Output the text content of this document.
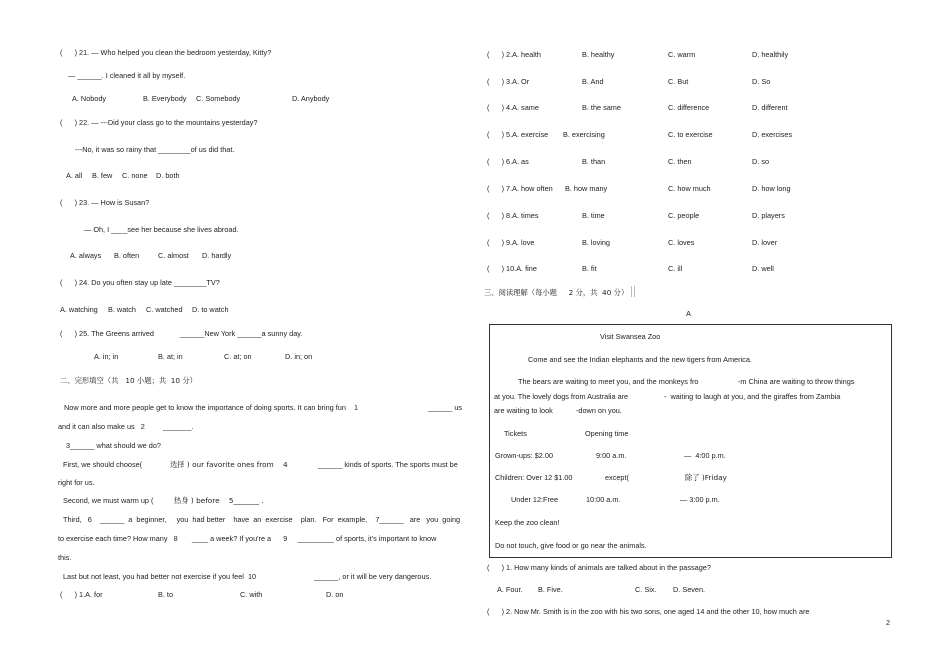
(      ) 21. — Who helped you clean the bedroom yesterday, Kitty?
— ______. I cleaned it all by myself.
A. Nobody	B. Everybody C. Somebody	D. Anybody
(      ) 22. — ---Did your class go to the mountains yesterday?
---No, it was so rainy that ________of us did that.
A. all B. few C. none D. both
(      ) 23. — How is Susan?
— Oh, I ____see her because she lives abroad.
A. always B. often	C. almost D. hardly
(      ) 24. Do you often stay up late ________TV?
A. watching B. watch C. watched D. to watch
(      ) 25. The Greens arrived	______New York ______a sunny day.
A. in; in	B. at; in	C. at; on	D. in; on
二、完形填空（共   10 小题；共  10 分）
Now more and more people get to know the importance of doing sports. It can bring fun    1	______ us
and it can also make us   2         _______.
3______ what should we do?
First, we should choose(	选择 ) our favorite ones from    4	______ kinds of sports. The sports must be
right for us.
Second, we must warm up (	热身 ) before    5_______ .
Third,   6    ______  a  beginner,     you  had better    have  an  exercise    plan.   For  example,    7______   are   you  going
to exercise each time? How many   8       ____ a week? If you're a      9     _________ of sports, it's important to know
this.
Last but not least, you had better not exercise if you feel  10	______, or it will be very dangerous.
(      ) 1.A. for	B. to	C. with	D. on
(      ) 2.A. health	B. healthy	C. warm	D. healthily
(      ) 3.A. Or	B. And	C. But	D. So
(      ) 4.A. same	B. the same	C. difference	D. different
(      ) 5.A. exercise B. exercising	C. to exercise	D. exercises
(      ) 6.A. as	B. than	C. then	D. so
(      ) 7.A. how often B. how many	C. how much	D. how long
(      ) 8.A. times	B. time	C. people	D. players
(      ) 9.A. love	B. loving	C. loves	D. lover
(      ) 10.A. fine	B. fit	C. ill	D. well
三、阅读理解（每小题     2 分，共  40 分）
A
Visit Swansea Zoo
Come and see the Indian elephants and the new tigers from America.
The bears are waiting to meet you, and the monkeys fro	-m China are waiting to throw things
at you. The lovely dogs from Australia are	-  waiting to laugh at you, and the giraffes from Zambia
are waiting to look	-down on you.
Tickets	Opening time
Grown-ups: $2.00	9:00 a.m.	—  4:00 p.m.
Children: Over 12 $1.00	except(	除了 )Friday
Under 12:Free	10:00 a.m.	— 3:00 p.m.
Keep the zoo clean!
Do not touch, give food or go near the animals.
(      ) 1. How many kinds of animals are talked about in the passage?
A. Four. B. Five.	C. Six. D. Seven.
(      ) 2. Now Mr. Smith is in the zoo with his two sons, one aged 14 and the other 10, how much are
2
